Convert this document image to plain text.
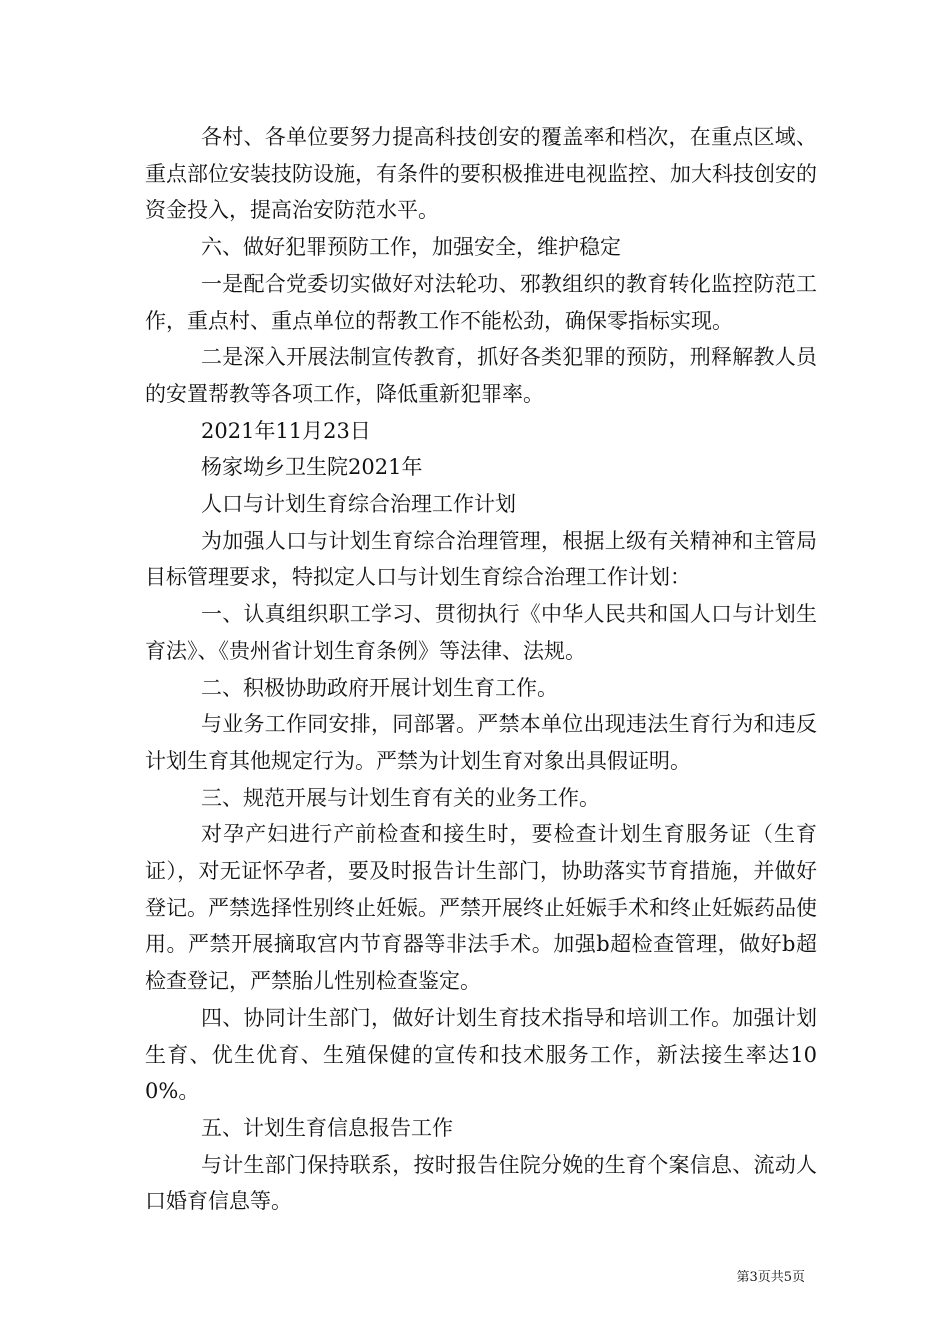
各村、各单位要努力提高科技创安的覆盖率和档次，在重点区域、重点部位安装技防设施，有条件的要积极推进电视监控、加大科技创安的资金投入，提高治安防范水平。

六、做好犯罪预防工作，加强安全，维护稳定

一是配合党委切实做好对法轮功、邪教组织的教育转化监控防范工作，重点村、重点单位的帮教工作不能松劲，确保零指标实现。

二是深入开展法制宣传教育，抓好各类犯罪的预防，刑释解教人员的安置帮教等各项工作，降低重新犯罪率。

2021年11月23日

杨家坳乡卫生院2021年

人口与计划生育综合治理工作计划

为加强人口与计划生育综合治理管理，根据上级有关精神和主管局目标管理要求，特拟定人口与计划生育综合治理工作计划：

一、认真组织职工学习、贯彻执行《中华人民共和国人口与计划生育法》、《贵州省计划生育条例》等法律、法规。

二、积极协助政府开展计划生育工作。

与业务工作同安排，同部署。严禁本单位出现违法生育行为和违反计划生育其他规定行为。严禁为计划生育对象出具假证明。

三、规范开展与计划生育有关的业务工作。

对孕产妇进行产前检查和接生时，要检查计划生育服务证（生育证），对无证怀孕者，要及时报告计生部门，协助落实节育措施，并做好登记。严禁选择性别终止妊娠。严禁开展终止妊娠手术和终止妊娠药品使用。严禁开展摘取宫内节育器等非法手术。加强b超检查管理，做好b超检查登记，严禁胎儿性别检查鉴定。

四、协同计生部门，做好计划生育技术指导和培训工作。加强计划生育、优生优育、生殖保健的宣传和技术服务工作，新法接生率达100%。

五、计划生育信息报告工作

与计生部门保持联系，按时报告住院分娩的生育个案信息、流动人口婚育信息等。

第3页共5页
